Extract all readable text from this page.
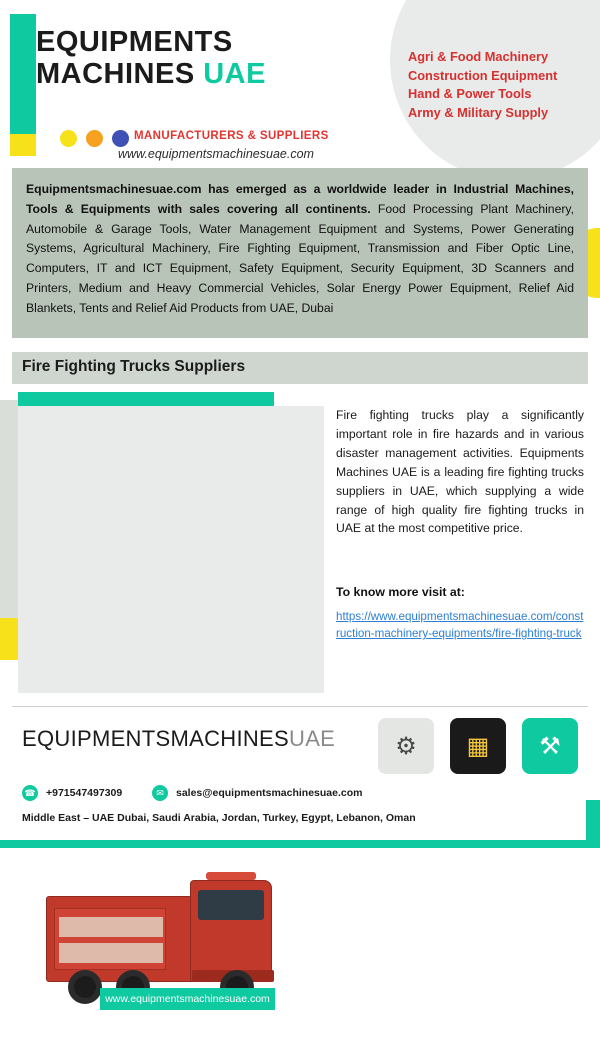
EQUIPMENTS
MACHINES UAE
MANUFACTURERS & SUPPLIERS
www.equipmentsmachinesuae.com
Agri & Food Machinery
Construction Equipment
Hand & Power Tools
Army & Military Supply

Equipmentsmachinesuae.com has emerged as a worldwide leader in Industrial Machines, Tools & Equipments with sales covering all continents. Food Processing Plant Machinery, Automobile & Garage Tools, Water Management Equipment and Systems, Power Generating Systems, Agricultural Machinery, Fire Fighting Equipment, Transmission and Fiber Optic Line, Computers, IT and ICT Equipment, Safety Equipment, Security Equipment, 3D Scanners and Printers, Medium and Heavy Commercial Vehicles, Solar Energy Power Equipment, Relief Aid Blankets, Tents and Relief Aid Products from UAE, Dubai

Fire Fighting Trucks Suppliers
www.equipmentsmachinesuae.com

Fire fighting trucks play a significantly important role in fire hazards and in various disaster management activities. Equipments Machines UAE is a leading fire fighting trucks suppliers in UAE, which supplying a wide range of high quality fire fighting trucks in UAE at the most competitive price.

To know more visit at:
https://www.equipmentsmachinesuae.com/construction-machinery-equipments/fire-fighting-truck
EQUIPMENTSMACHINESUAE	⚙	▦	⚒
☎ +971547497309	✉	sales@equipmentsmachinesuae.com
Middle East – UAE Dubai, Saudi Arabia, Jordan, Turkey, Egypt, Lebanon, Oman
